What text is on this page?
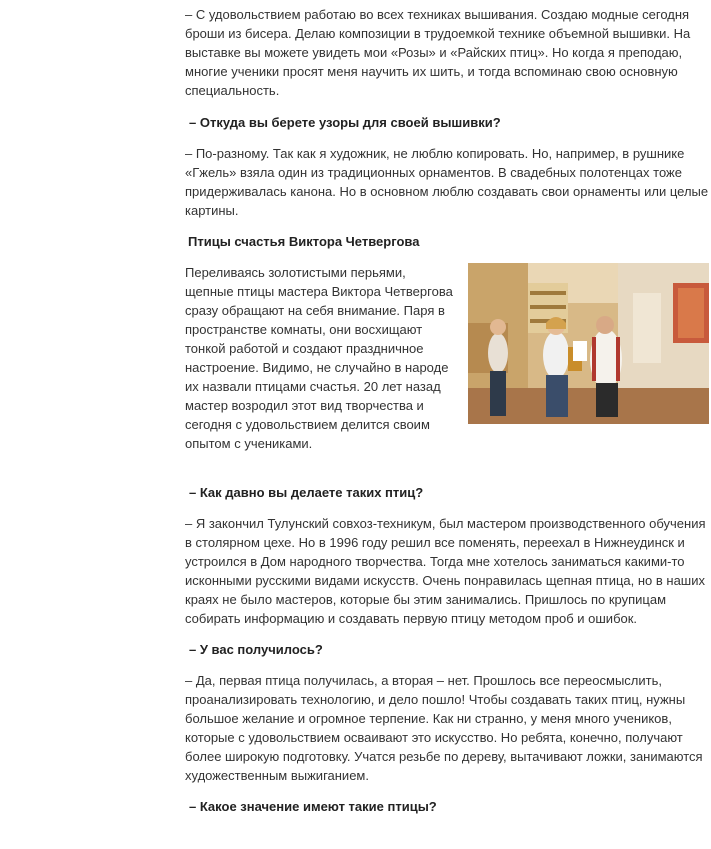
– С удовольствием работаю во всех техниках вышивания. Создаю модные сегодня броши из бисера. Делаю композиции в трудоемкой технике объемной вышивки. На выставке вы можете увидеть мои «Розы» и «Райских птиц». Но когда я преподаю, многие ученики просят меня научить их шить, и тогда вспоминаю свою основную специальность.

– Откуда вы берете узоры для своей вышивки?

– По-разному. Так как я художник, не люблю копировать. Но, например, в рушнике «Гжель» взяла один из традиционных орнаментов. В свадебных полотенцах тоже придерживалась канона. Но в основном люблю создавать свои орнаменты или целые картины.

Птицы счастья Виктора Четвергова

Переливаясь золотистыми перьями, щепные птицы мастера Виктора Четвергова сразу обращают на себя внимание. Паря в пространстве комнаты, они восхищают тонкой работой и создают праздничное настроение. Видимо, не случайно в народе их назвали птицами счастья. 20 лет назад мастер возродил этот вид творчества и сегодня с удовольствием делится своим опытом с учениками.

– Как давно вы делаете таких птиц?

– Я закончил Тулунский совхоз-техникум, был мастером производственного обучения в столярном цехе. Но в 1996 году решил все поменять, переехал в Нижнеудинск и устроился в Дом народного творчества. Тогда мне хотелось заниматься какими-то исконными русскими видами искусств. Очень понравилась щепная птица, но в наших краях не было мастеров, которые бы этим занимались. Пришлось по крупицам собирать информацию и создавать первую птицу методом проб и ошибок.

– У вас получилось?

– Да, первая птица получилась, а вторая – нет. Прошлось все переосмыслить, проанализировать технологию, и дело пошло! Чтобы создавать таких птиц, нужны большое желание и огромное терпение. Как ни странно, у меня много учеников, которые с удовольствием осваивают это искусство. Но ребята, конечно, получают более широкую подготовку. Учатся резьбе по дереву, вытачивают ложки, занимаются художественным выжиганием.

– Какое значение имеют такие птицы?
